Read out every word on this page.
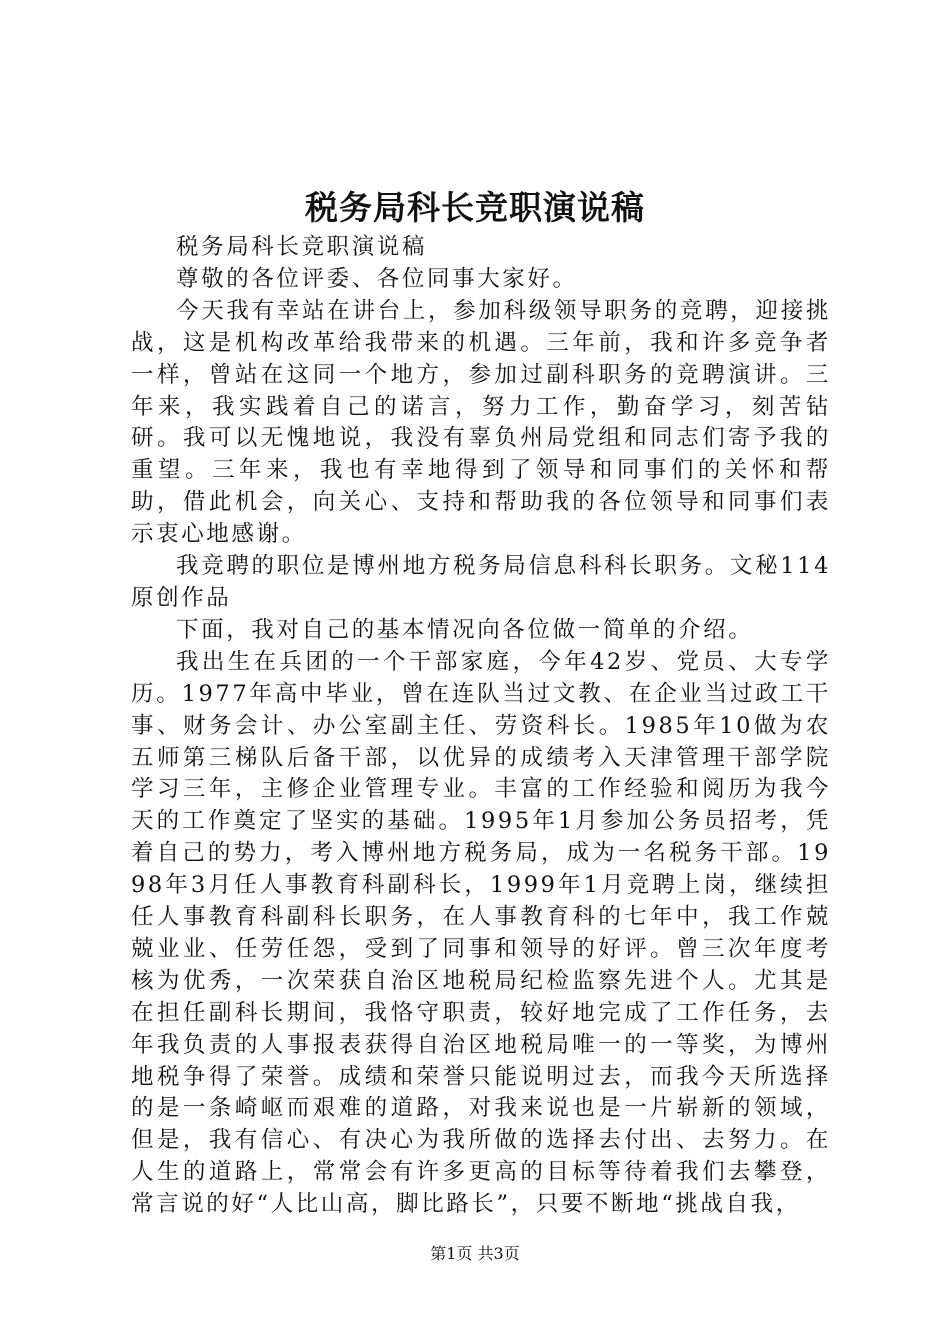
税务局科长竞职演说稿

税务局科长竞职演说稿

尊敬的各位评委、各位同事大家好。

今天我有幸站在讲台上，参加科级领导职务的竞聘，迎接挑战，这是机构改革给我带来的机遇。三年前，我和许多竞争者一样，曾站在这同一个地方，参加过副科职务的竞聘演讲。三年来，我实践着自己的诺言，努力工作，勤奋学习，刻苦钻研。我可以无愧地说，我没有辜负州局党组和同志们寄予我的重望。三年来，我也有幸地得到了领导和同事们的关怀和帮助，借此机会，向关心、支持和帮助我的各位领导和同事们表示衷心地感谢。

我竞聘的职位是博州地方税务局信息科科长职务。文秘114原创作品

下面，我对自己的基本情况向各位做一简单的介绍。

我出生在兵团的一个干部家庭，今年42岁、党员、大专学历。1977年高中毕业，曾在连队当过文教、在企业当过政工干事、财务会计、办公室副主任、劳资科长。1985年10做为农五师第三梯队后备干部，以优异的成绩考入天津管理干部学院学习三年，主修企业管理专业。丰富的工作经验和阅历为我今天的工作奠定了坚实的基础。1995年1月参加公务员招考，凭着自己的势力，考入博州地方税务局，成为一名税务干部。1998年3月任人事教育科副科长，1999年1月竞聘上岗，继续担任人事教育科副科长职务，在人事教育科的七年中，我工作兢兢业业、任劳任怨，受到了同事和领导的好评。曾三次年度考核为优秀，一次荣获自治区地税局纪检监察先进个人。尤其是在担任副科长期间，我恪守职责，较好地完成了工作任务，去年我负责的人事报表获得自治区地税局唯一的一等奖，为博州地税争得了荣誉。成绩和荣誉只能说明过去，而我今天所选择的是一条崎岖而艰难的道路，对我来说也是一片崭新的领域，但是，我有信心、有决心为我所做的选择去付出、去努力。在人生的道路上，常常会有许多更高的目标等待着我们去攀登，常言说的好“人比山高，脚比路长”，只要不断地“挑战自我，

第1页 共3页
